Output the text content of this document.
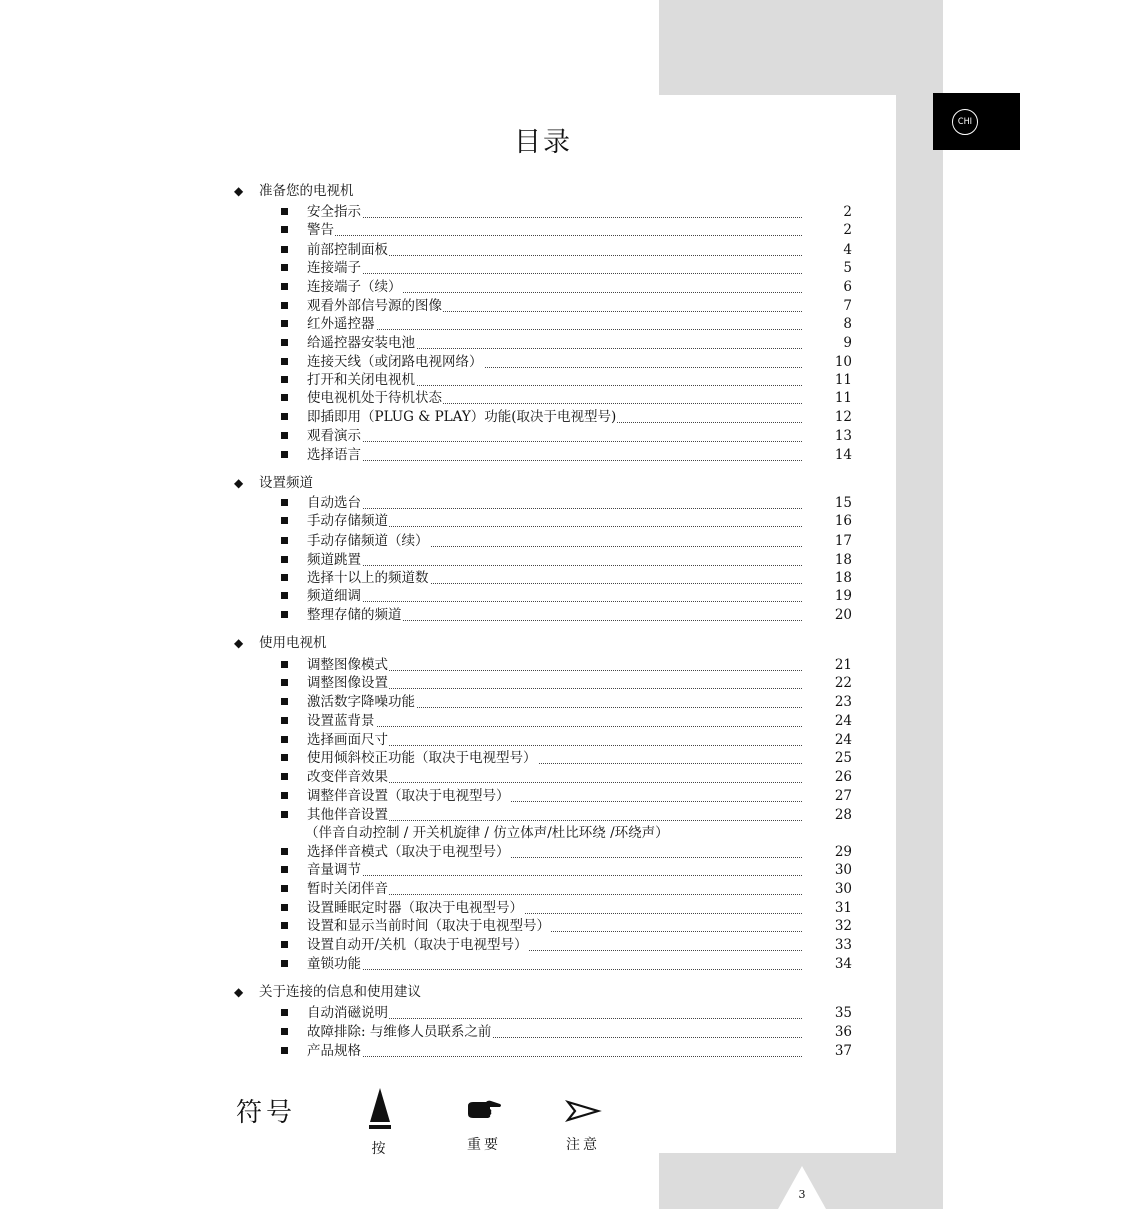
3
CHI
目录
◆ 准备您的电视机
安全指示	2
警告	2
前部控制面板	4
连接端子	5
连接端子（续）	6
观看外部信号源的图像	7
红外遥控器	8
给遥控器安装电池	9
连接天线（或闭路电视网络）	10
打开和关闭电视机	11
使电视机处于待机状态	11
即插即用（PLUG & PLAY）功能(取决于电视型号)	12
观看演示	13
选择语言	14
◆ 设置频道
自动选台	15
手动存储频道	16
手动存储频道（续）	17
频道跳置	18
选择十以上的频道数	18
频道细调	19
整理存储的频道	20
◆ 使用电视机
调整图像模式	21
调整图像设置	22
激活数字降噪功能	23
设置蓝背景	24
选择画面尺寸	24
使用倾斜校正功能（取决于电视型号）	25
改变伴音效果	26
调整伴音设置（取决于电视型号）	27
其他伴音设置	28
（伴音自动控制 / 开关机旋律 / 仿立体声/杜比环绕 /环绕声）
选择伴音模式（取决于电视型号）	29
音量调节	30
暂时关闭伴音	30
设置睡眠定时器（取决于电视型号）	31
设置和显示当前时间（取决于电视型号）	32
设置自动开/关机（取决于电视型号）	33
童锁功能	34
◆ 关于连接的信息和使用建议
自动消磁说明	35
故障排除: 与维修人员联系之前	36
产品规格	37
符号
按	重要	注意
